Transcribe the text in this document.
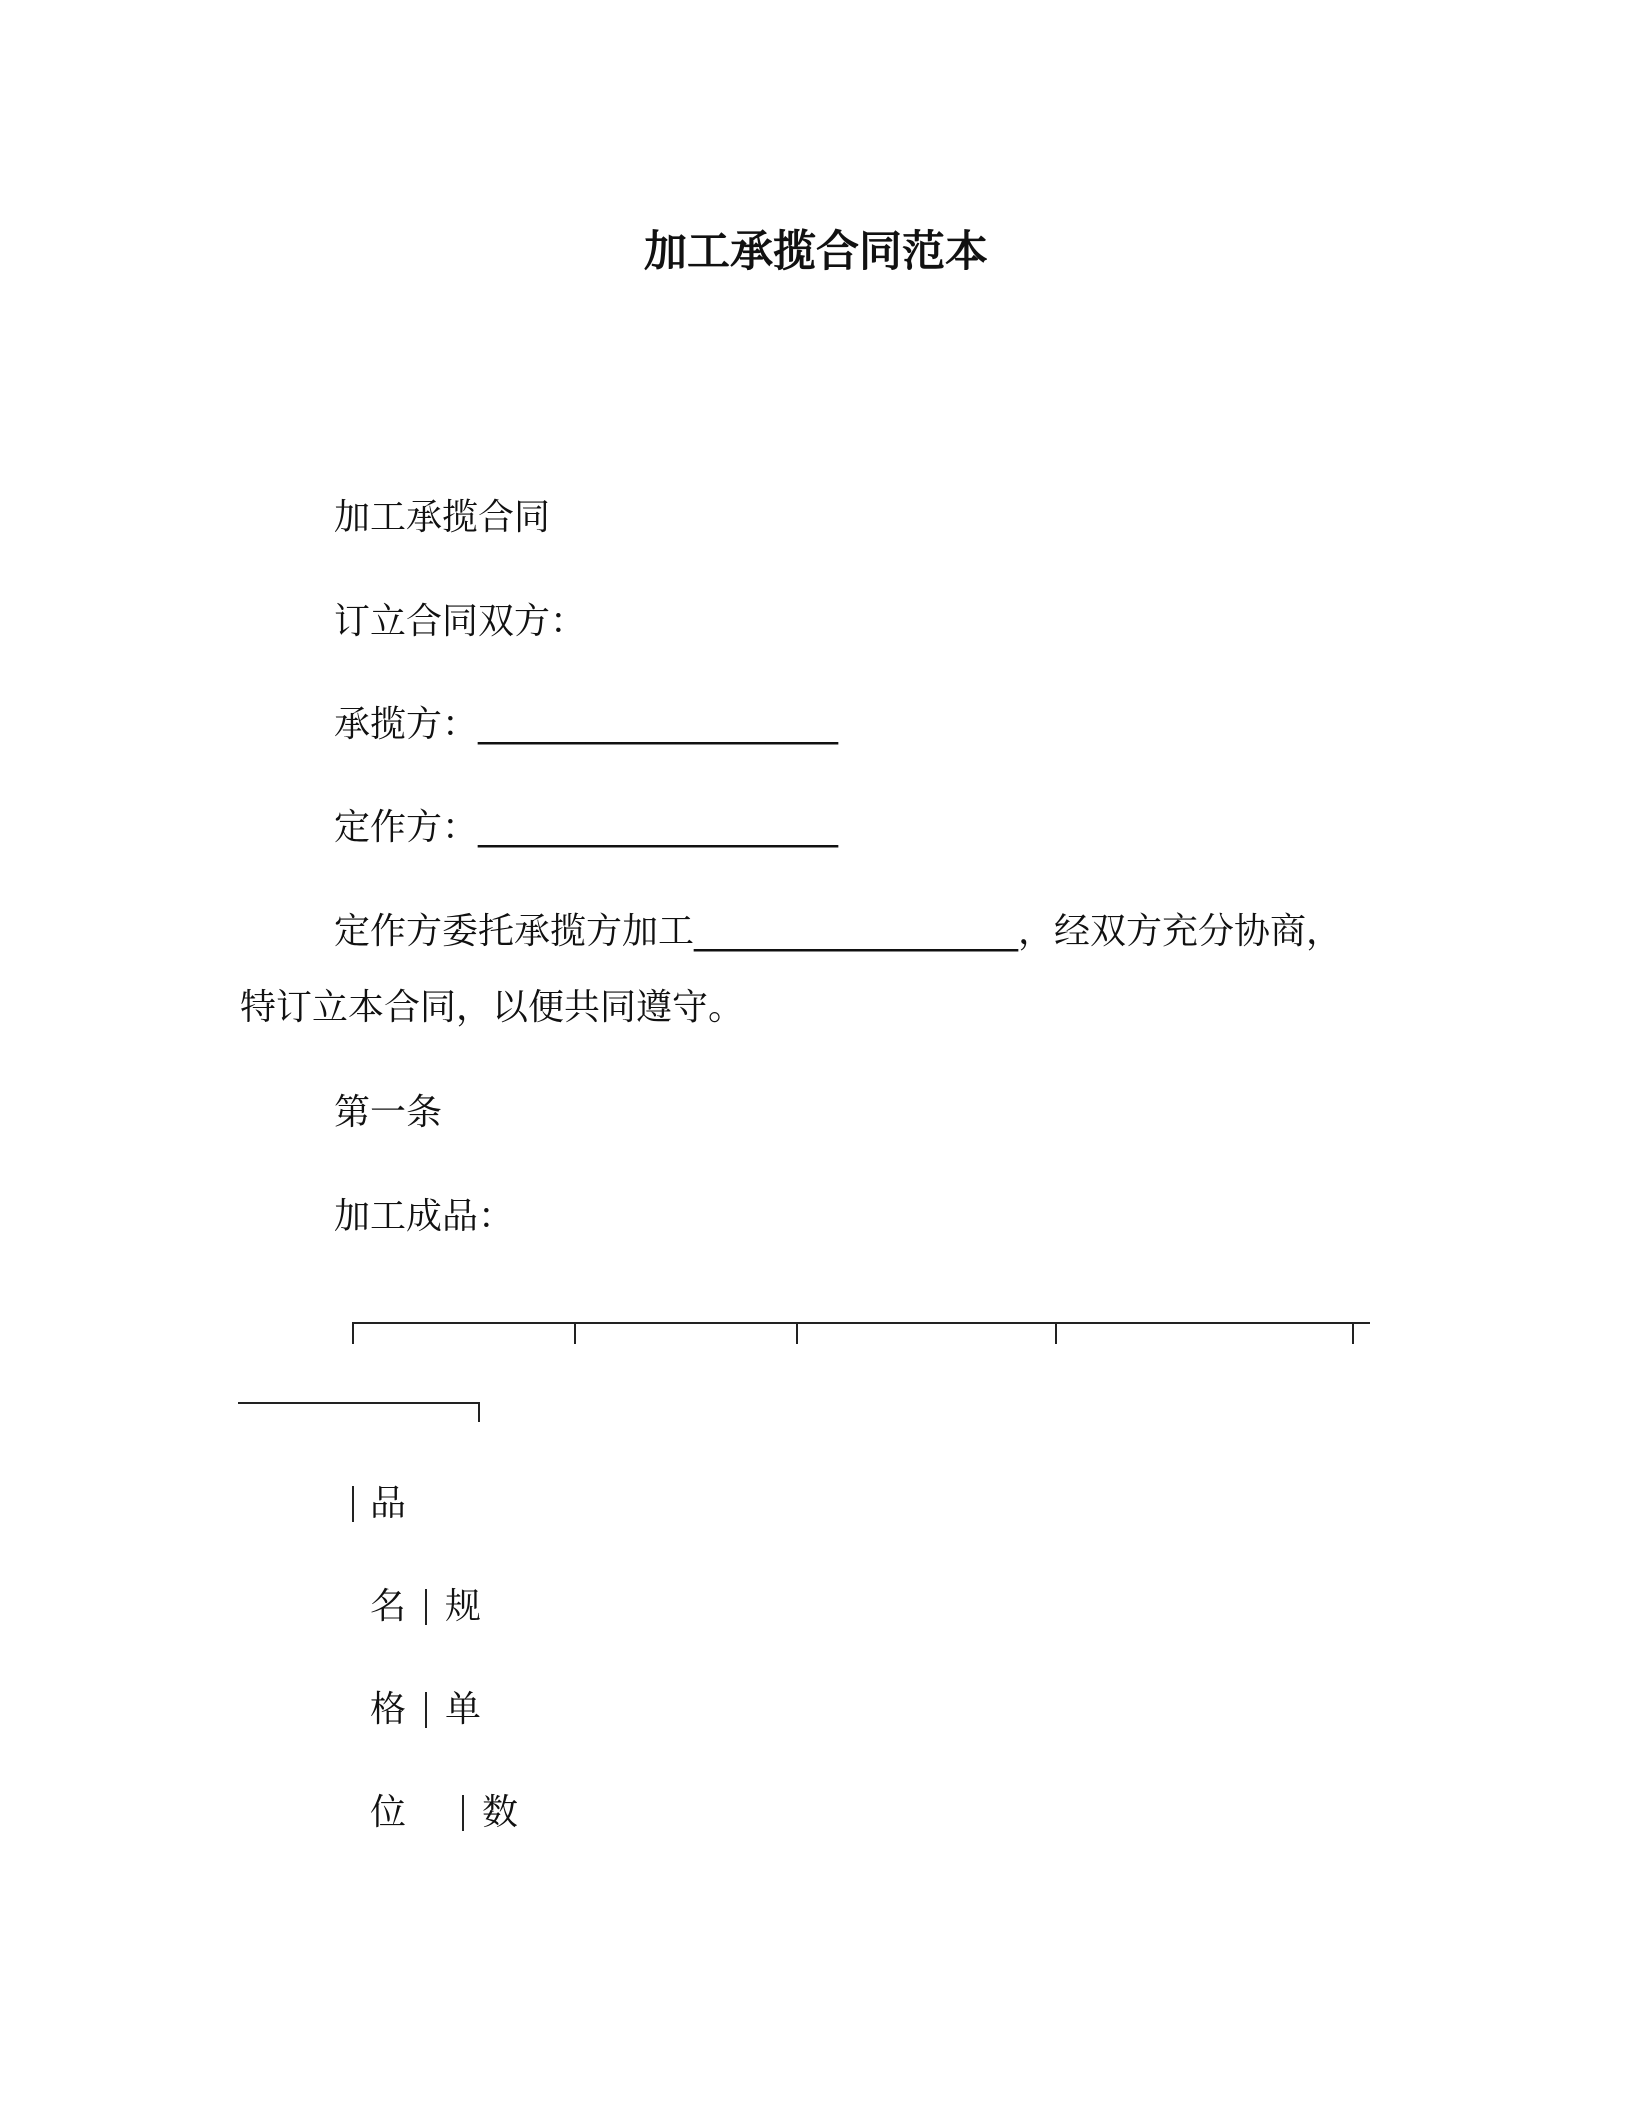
加工承揽合同范本
加工承揽合同
订立合同双方：
承揽方：____________________
定作方：____________________
定作方委托承揽方加工__________________，经双方充分协商，
特订立本合同，以便共同遵守。
第一条
加工成品：
品
名 规
格 单
位 数
